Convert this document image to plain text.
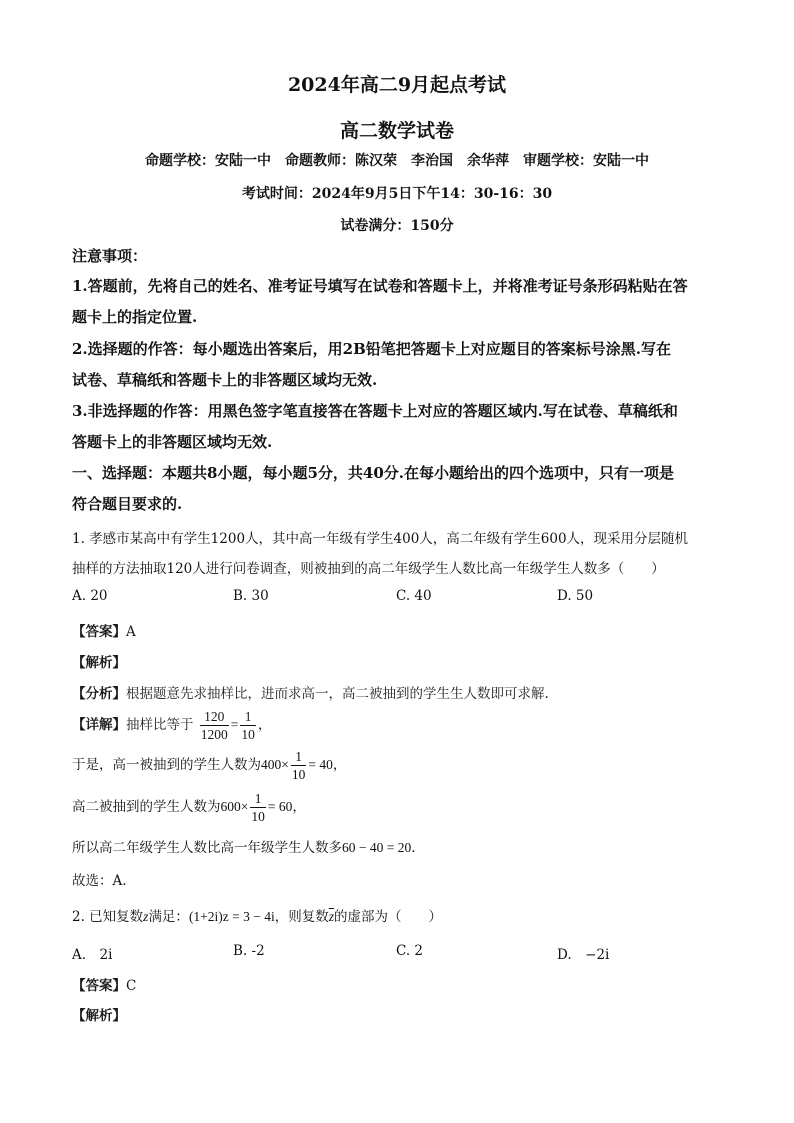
2024年高二9月起点考试
高二数学试卷
命题学校：安陆一中　命题教师：陈汉荣　李治国　余华萍　审题学校：安陆一中
考试时间：2024年9月5日下午14：30-16：30
试卷满分：150分
注意事项：
1.答题前，先将自己的姓名、准考证号填写在试卷和答题卡上，并将准考证号条形码粘贴在答
题卡上的指定位置.
2.选择题的作答：每小题选出答案后，用2B铅笔把答题卡上对应题目的答案标号涂黑.写在
试卷、草稿纸和答题卡上的非答题区域均无效.
3.非选择题的作答：用黑色签字笔直接答在答题卡上对应的答题区域内.写在试卷、草稿纸和
答题卡上的非答题区域均无效.
一、选择题：本题共8小题，每小题5分，共40分.在每小题给出的四个选项中，只有一项是
符合题目要求的.
1. 孝感市某高中有学生1200人，其中高一年级有学生400人，高二年级有学生600人，现采用分层随机
抽样的方法抽取120人进行问卷调查，则被抽到的高二年级学生人数比高一年级学生人数多（　　）
A. 20	B. 30	C. 40	D. 50
【答案】A
【解析】
【分析】根据题意先求抽样比，进而求高一，高二被抽到的学生生人数即可求解.
【详解】抽样比等于 $\frac{120}{1200} = \frac{1}{10}$ ，
于是，高一被抽到的学生人数为$400\times \frac{1}{10} = 40$，
高二被抽到的学生人数为$600\times \frac{1}{10} = 60$，
所以高二年级学生人数比高一年级学生人数多60 − 40 = 20.
故选：A.
2. 已知复数z满足：(1+2i)z = 3 − 4i，则复数$\overline{z}$的虚部为（　　）
A.　2i	B. -2	C. 2	D.　−2i
【答案】C
【解析】
